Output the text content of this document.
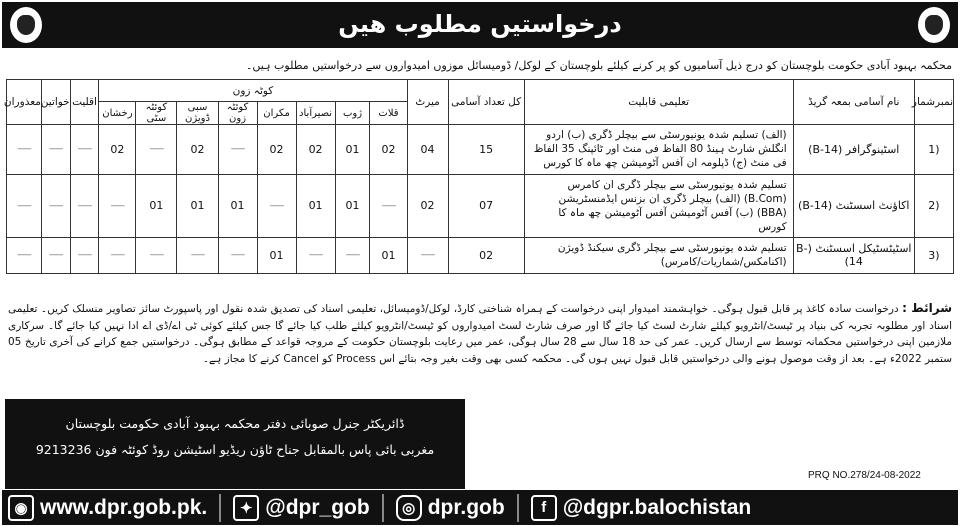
درخواستیں مطلوب ھیں
محکمہ بہبود آبادی حکومت بلوچستان کو درج ذیل آسامیوں کو پر کرنے کیلئے بلوچستان کے لوکل/ ڈومیسائل موزوں امیدواروں سے درخواستیں مطلوب ہیں۔
معذوران	خواتین	اقلیت	کوٹہ زون								میرٹ	کل تعداد آسامی	تعلیمی قابلیت	نام آسامی بمعہ گریڈ	نمبرشمار
			رخشان	کوئٹہ سٹی	سبی ڈویژن	کوئٹہ زون	مکران	نصیرآباد	ژوب	قلات					
------	------	------	02	------	02	------	02	02	01	02	04	15	(الف) تسلیم شدہ یونیورسٹی سے بیچلر ڈگری (ب) اردو انگلش شارٹ ہینڈ 80 الفاظ فی منٹ اور ٹائپنگ 35 الفاظ فی منٹ (ج) ڈپلومہ ان آفس آٹومیشن چھ ماہ کا کورس	اسٹینوگرافر (B-14)	1)
------	------	------	------	01	01	01	------	01	01	------	02	07	تسلیم شدہ یونیورسٹی سے بیچلر ڈگری ان کامرس (B.Com) (الف) بیچلر ڈگری ان بزنس ایڈمنسٹریشن (BBA) (ب) آفس آٹومیشن آفس آٹومیشن چھ ماہ کا کورس	اکاؤنٹ اسسٹنٹ (B-14)	2)
------	------	------	------	------	------	------	01	------	------	01	------	02	تسلیم شدہ یونیورسٹی سے بیچلر ڈگری سیکنڈ ڈویژن (اکنامکس/شماریات/کامرس)	اسٹیٹسٹیکل اسسٹنٹ (B-14)	3)
شرائط : درخواست سادہ کاغذ پر قابل قبول ہوگی۔ خواہشمند امیدوار اپنی درخواست کے ہمراہ شناختی کارڈ، لوکل/ڈومیسائل، تعلیمی اسناد کی تصدیق شدہ نقول اور پاسپورٹ سائز تصاویر منسلک کریں۔ تعلیمی اسناد اور مطلوبہ تجربہ کی بنیاد پر ٹیسٹ/انٹرویو کیلئے شارٹ لسٹ کیا جائے گا اور صرف شارٹ لسٹ امیدواروں کو ٹیسٹ/انٹرویو کیلئے طلب کیا جائے گا جس کیلئے کوئی ٹی اے/ڈی اے ادا نہیں کیا جائے گا۔ سرکاری ملازمین اپنی درخواستیں محکمانہ توسط سے ارسال کریں۔ عمر کی حد 18 سال سے 28 سال ہوگی، عمر میں رعایت بلوچستان حکومت کے مروجہ قواعد کے مطابق ہوگی۔ درخواستیں جمع کرانے کی آخری تاریخ 05 ستمبر 2022ء ہے۔ بعد از وقت موصول ہونے والی درخواستیں قابل قبول نہیں ہوں گی۔ محکمہ کسی بھی وقت بغیر وجہ بتائے اس Process کو Cancel کرنے کا مجاز ہے۔
ڈائریکٹر جنرل صوبائی دفتر محکمہ بہبود آبادی حکومت بلوچستان
مغربی بائی پاس بالمقابل جناح ٹاؤن ریڈیو اسٹیشن روڈ کوئٹہ فون 9213236
PRQ NO.278/24-08-2022
◉ www.dpr.gob.pk.	✦ @dpr_gob	◎ dpr.gob	f @dgpr.balochistan
